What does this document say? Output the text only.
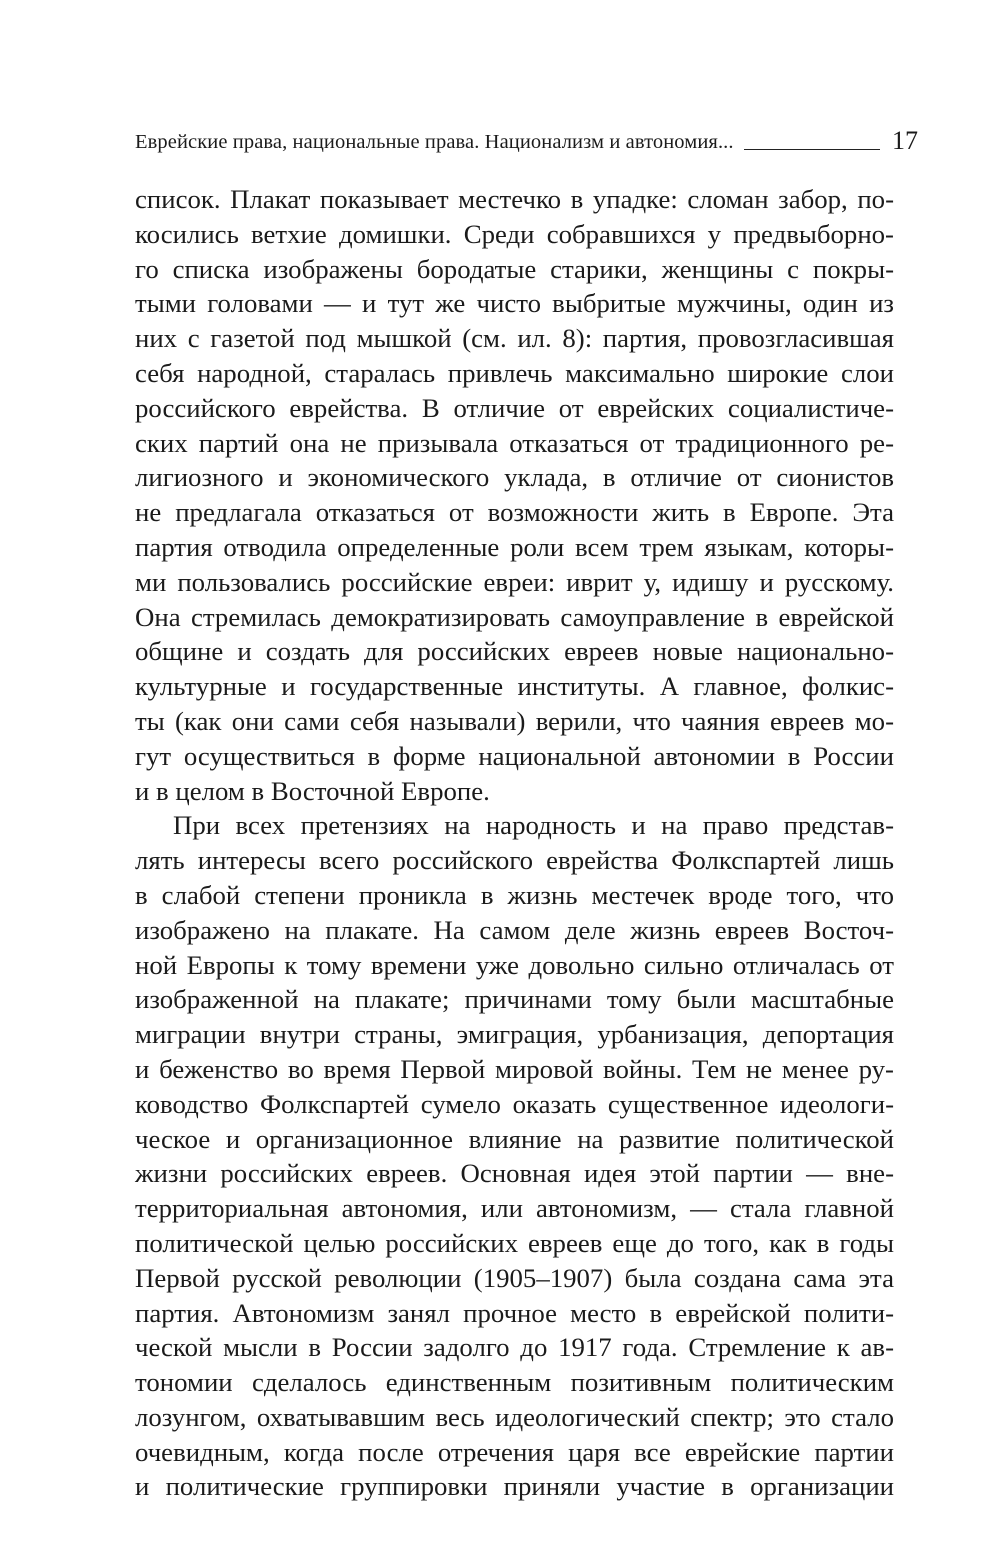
Еврейские права, национальные права. Национализм и автономия...	17
список. Плакат показывает местечко в упадке: сломан забор, по-
косились ветхие домишки. Среди собравшихся у предвыборно-
го списка изображены бородатые старики, женщины с покры-
тыми головами — и тут же чисто выбритые мужчины, один из
них с газетой под мышкой (см. ил. 8): партия, провозгласившая
себя народной, старалась привлечь максимально широкие слои
российского еврейства. В отличие от еврейских социалистиче-
ских партий она не призывала отказаться от традиционного ре-
лигиозного и экономического уклада, в отличие от сионистов
не предлагала отказаться от возможности жить в Европе. Эта
партия отводила определенные роли всем трем языкам, которы-
ми пользовались российские евреи: иврит у, идишу и русскому.
Она стремилась демократизировать самоуправление в еврейской
общине и создать для российских евреев новые национально-
культурные и государственные институты. А главное, фолкис-
ты (как они сами себя называли) верили, что чаяния евреев мо-
гут осуществиться в форме национальной автономии в России
и в целом в Восточной Европе.
При всех претензиях на народность и на право представ-
лять интересы всего российского еврейства Фолкспартей лишь
в слабой степени проникла в жизнь местечек вроде того, что
изображено на плакате. На самом деле жизнь евреев Восточ-
ной Европы к тому времени уже довольно сильно отличалась от
изображенной на плакате; причинами тому были масштабные
миграции внутри страны, эмиграция, урбанизация, депортация
и беженство во время Первой мировой войны. Тем не менее ру-
ководство Фолкспартей сумело оказать существенное идеологи-
ческое и организационное влияние на развитие политической
жизни российских евреев. Основная идея этой партии — вне-
территориальная автономия, или автономизм, — стала главной
политической целью российских евреев еще до того, как в годы
Первой русской революции (1905–1907) была создана сама эта
партия. Автономизм занял прочное место в еврейской полити-
ческой мысли в России задолго до 1917 года. Стремление к ав-
тономии сделалось единственным позитивным политическим
лозунгом, охватывавшим весь идеологический спектр; это стало
очевидным, когда после отречения царя все еврейские партии
и политические группировки приняли участие в организации
